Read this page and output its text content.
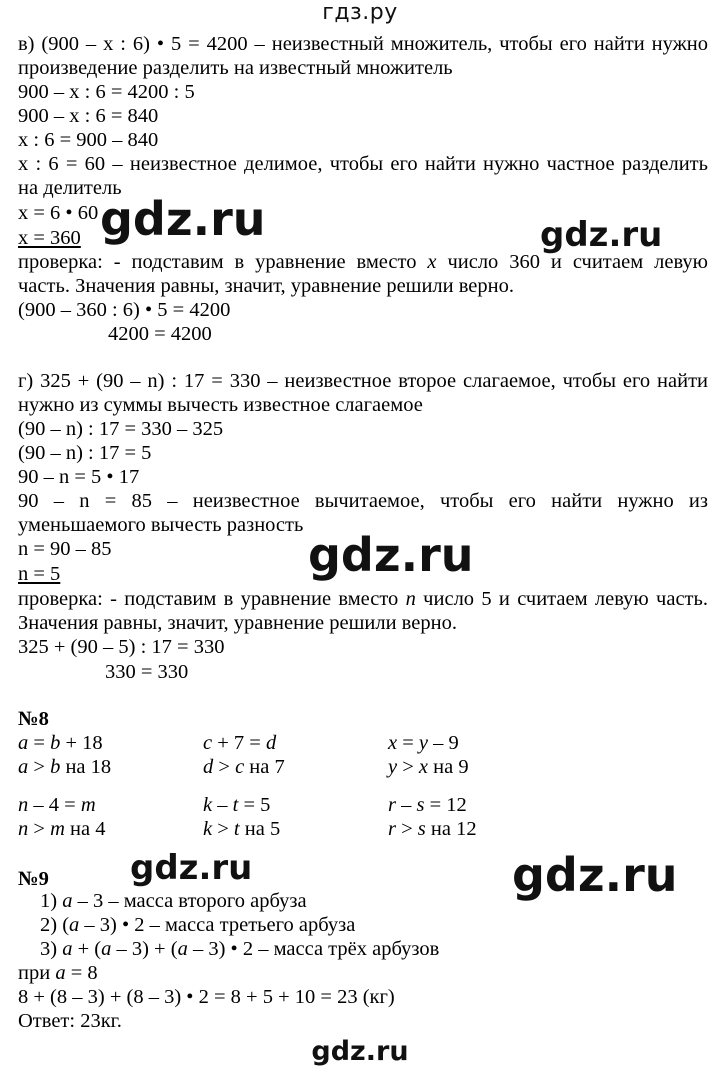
гдз.ру
в) (900 – х : 6) • 5 = 4200 – неизвестный множитель, чтобы его найти нужно
произведение разделить на известный множитель
900 – х : 6 = 4200 : 5
900 – х : 6 = 840
х : 6 = 900 – 840
х : 6 = 60 – неизвестное делимое, чтобы его найти нужно частное разделить
на делитель
х = 6 • 60
х = 360
проверка: - подставим в уравнение вместо х число 360 и считаем левую
часть. Значения равны, значит, уравнение решили верно.
(900 – 360 : 6) • 5 = 4200
4200 = 4200
gdz.ru	gdz.ru
г) 325 + (90 – n) : 17 = 330 – неизвестное второе слагаемое, чтобы его найти
нужно из суммы вычесть известное слагаемое
(90 – n) : 17 = 330 – 325
(90 – n) : 17 = 5
90 – n = 5 • 17
90 – n = 85 – неизвестное вычитаемое, чтобы его найти нужно из
уменьшаемого вычесть разность
n = 90 – 85
n = 5
проверка: - подставим в уравнение вместо n число 5 и считаем левую часть.
Значения равны, значит, уравнение решили верно.
325 + (90 – 5) : 17 = 330
330 = 330
gdz.ru
№8
a = b + 18	c + 7 = d	x = y – 9
a > b на 18	d > c на 7	y > x на 9
n – 4 = m	k – t = 5	r – s = 12
n > m на 4	k > t на 5	r > s на 12
gdz.ru	gdz.ru
№9
1) a – 3 – масса второго арбуза
2) (a – 3) • 2 – масса третьего арбуза
3) a + (a – 3) + (a – 3) • 2 – масса трёх арбузов
при a = 8
8 + (8 – 3) + (8 – 3) • 2 = 8 + 5 + 10 = 23 (кг)
Ответ: 23кг.
gdz.ru
